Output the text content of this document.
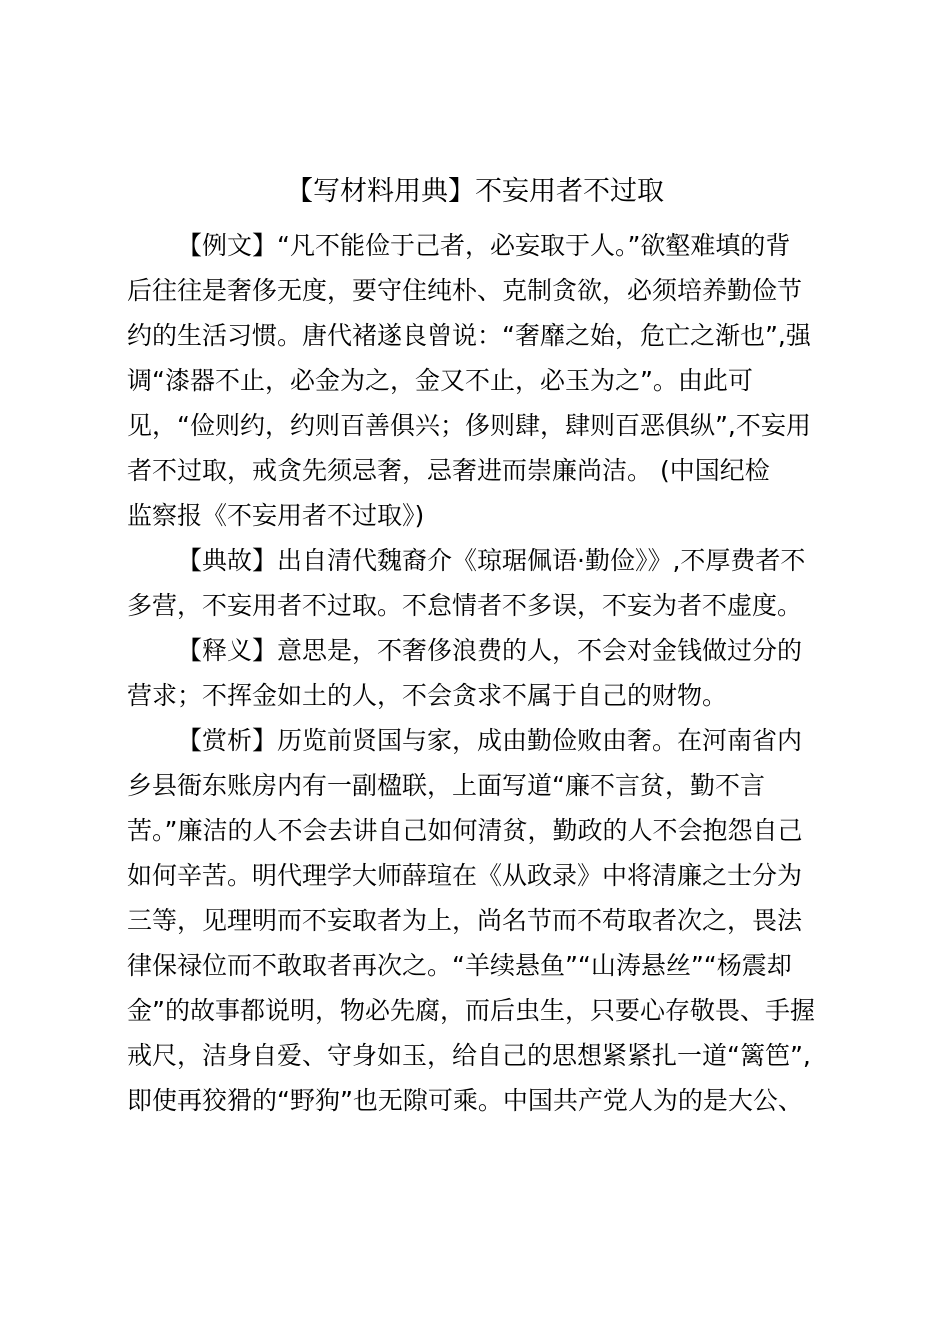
【写材料用典】不妄用者不过取
【例文】“凡不能俭于己者，必妄取于人。”欲壑难填的背
后往往是奢侈无度，要守住纯朴、克制贪欲，必须培养勤俭节
约的生活习惯。唐代褚遂良曾说：“奢靡之始，危亡之渐也”,强
调“漆器不止，必金为之，金又不止，必玉为之”。由此可
见，“俭则约，约则百善俱兴；侈则肆，肆则百恶俱纵”,不妄用
者不过取，戒贪先须忌奢，忌奢进而崇廉尚洁。 (中国纪检
监察报《不妄用者不过取》)
【典故】出自清代魏裔介《琼琚佩语·勤俭》》,不厚费者不
多营，不妄用者不过取。不怠情者不多误，不妄为者不虚度。
【释义】意思是，不奢侈浪费的人，不会对金钱做过分的
营求；不挥金如土的人，不会贪求不属于自己的财物。
【赏析】历览前贤国与家，成由勤俭败由奢。在河南省内
乡县衙东账房内有一副楹联，上面写道“廉不言贫，勤不言
苦。”廉洁的人不会去讲自己如何清贫，勤政的人不会抱怨自己
如何辛苦。明代理学大师薛瑄在《从政录》中将清廉之士分为
三等，见理明而不妄取者为上，尚名节而不苟取者次之，畏法
律保禄位而不敢取者再次之。“羊续悬鱼”“山涛悬丝”“杨震却
金”的故事都说明，物必先腐，而后虫生，只要心存敬畏、手握
戒尺，洁身自爱、守身如玉，给自己的思想紧紧扎一道“篱笆”,
即使再狡猾的“野狗”也无隙可乘。中国共产党人为的是大公、
